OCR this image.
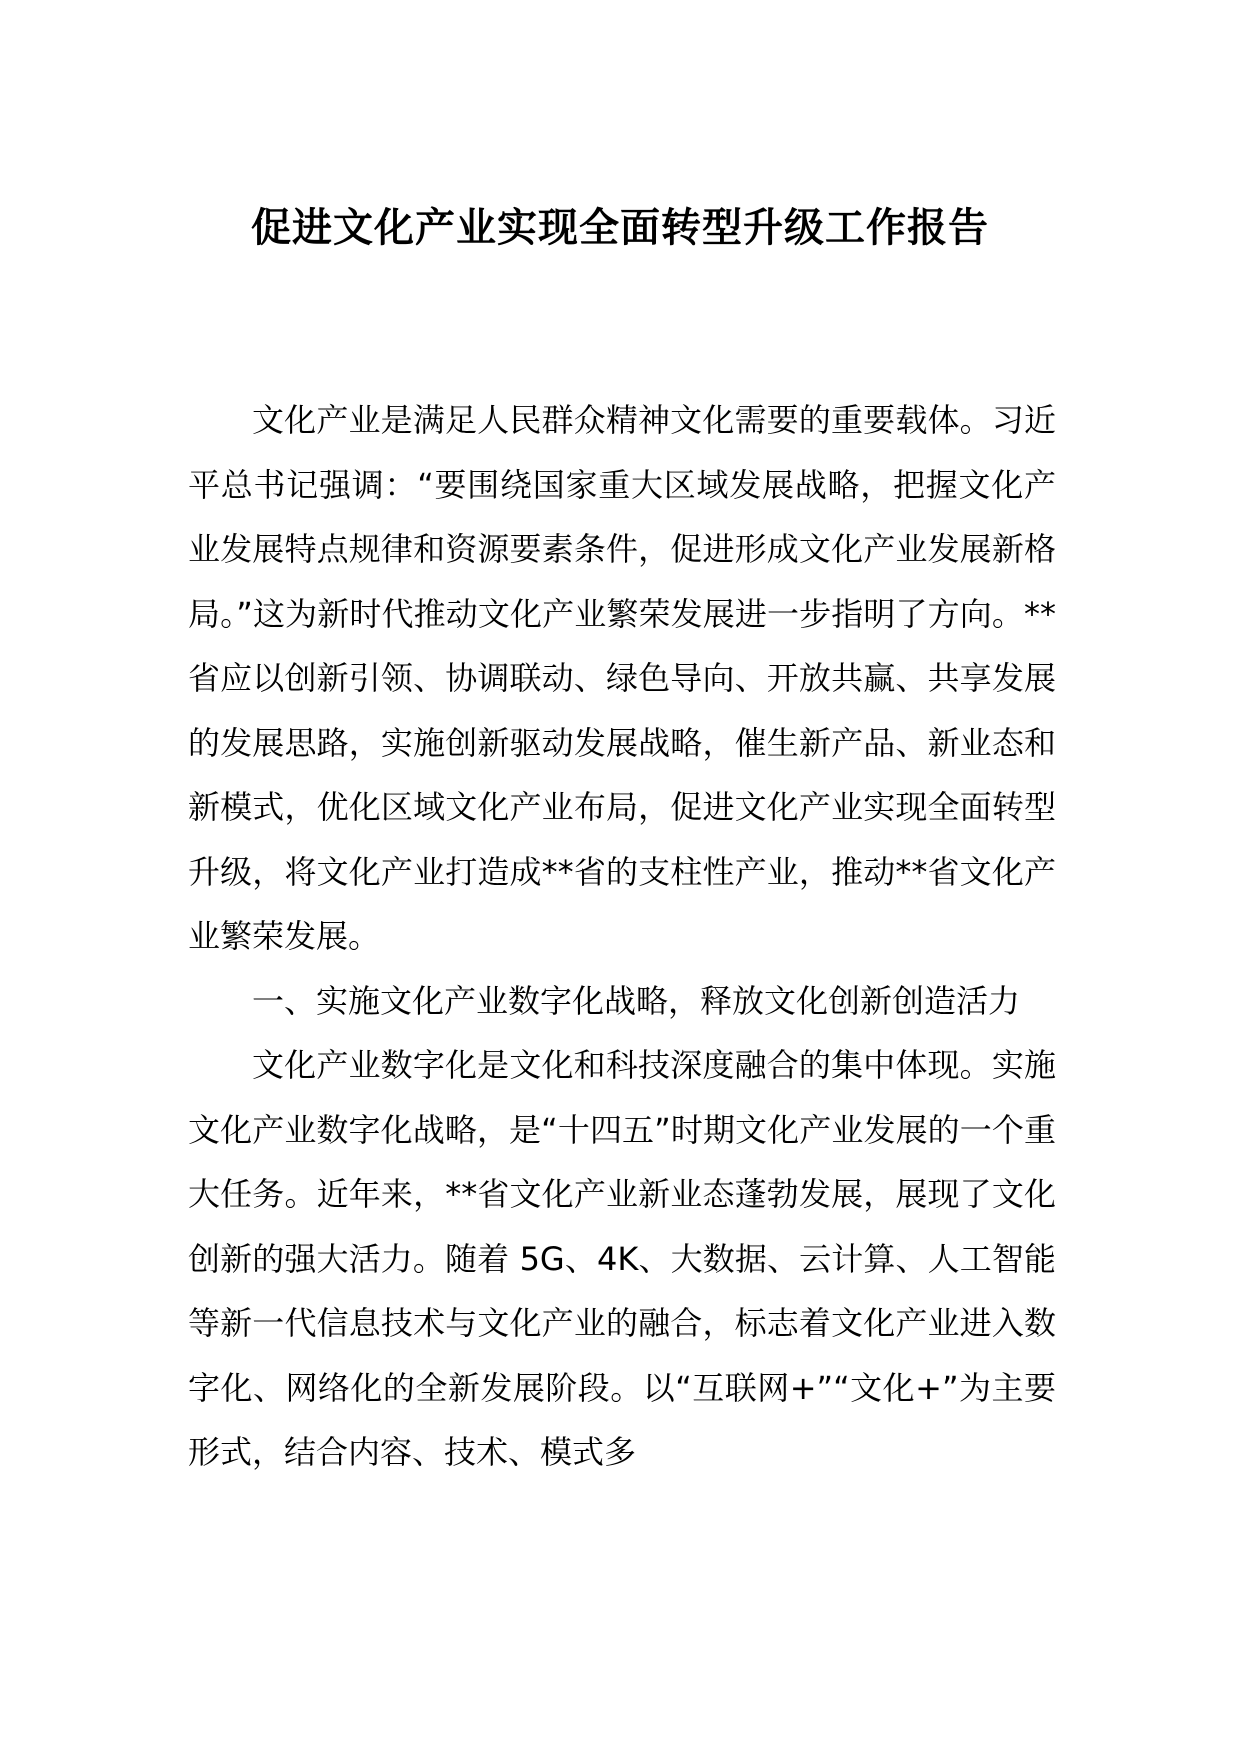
促进文化产业实现全面转型升级工作报告

文化产业是满足人民群众精神文化需要的重要载体。习近平总书记强调：“要围绕国家重大区域发展战略，把握文化产业发展特点规律和资源要素条件，促进形成文化产业发展新格局。”这为新时代推动文化产业繁荣发展进一步指明了方向。**省应以创新引领、协调联动、绿色导向、开放共赢、共享发展的发展思路，实施创新驱动发展战略，催生新产品、新业态和新模式，优化区域文化产业布局，促进文化产业实现全面转型升级，将文化产业打造成**省的支柱性产业，推动**省文化产业繁荣发展。

一、实施文化产业数字化战略，释放文化创新创造活力

文化产业数字化是文化和科技深度融合的集中体现。实施文化产业数字化战略，是“十四五”时期文化产业发展的一个重大任务。近年来，**省文化产业新业态蓬勃发展，展现了文化创新的强大活力。随着 5G、4K、大数据、云计算、人工智能等新一代信息技术与文化产业的融合，标志着文化产业进入数字化、网络化的全新发展阶段。以“互联网+”“文化+”为主要形式，结合内容、技术、模式多
